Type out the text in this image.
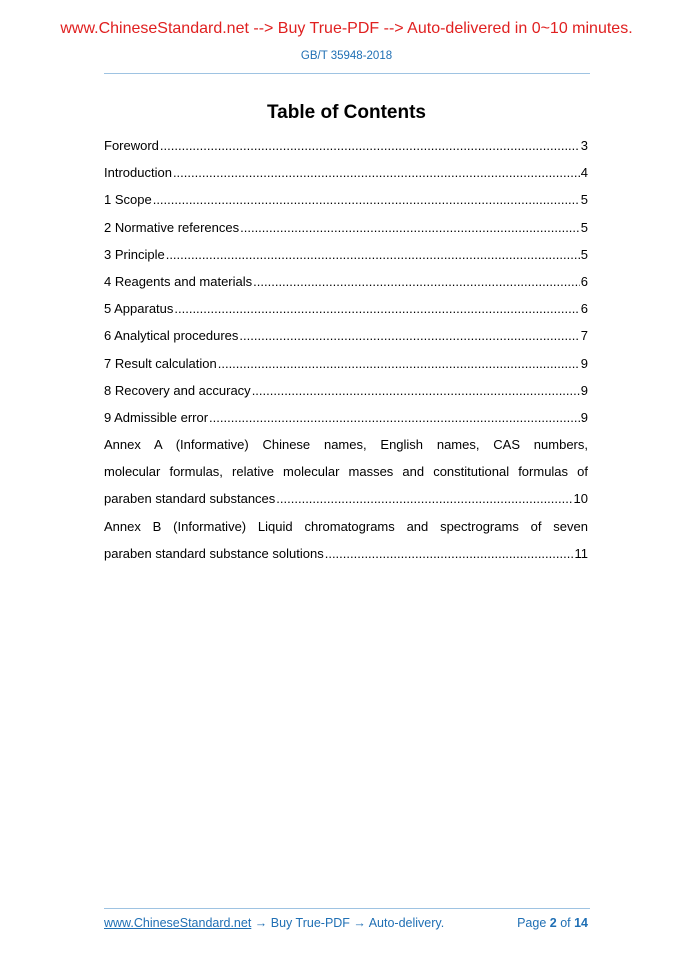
www.ChineseStandard.net --> Buy True-PDF --> Auto-delivered in 0~10 minutes.
GB/T 35948-2018
Table of Contents
Foreword .....	3
Introduction .....	4
1 Scope .....	5
2 Normative references .....	5
3 Principle .....	5
4 Reagents and materials .....	6
5 Apparatus .....	6
6 Analytical procedures .....	7
7 Result calculation .....	9
8 Recovery and accuracy .....	9
9 Admissible error .....	9
Annex A (Informative) Chinese names, English names, CAS numbers,
molecular formulas, relative molecular masses and constitutional formulas of
paraben standard substances .....	10
Annex B (Informative) Liquid chromatograms and spectrograms of seven
paraben standard substance solutions .....	11
www.ChineseStandard.net → Buy True-PDF → Auto-delivery.	Page 2 of 14
